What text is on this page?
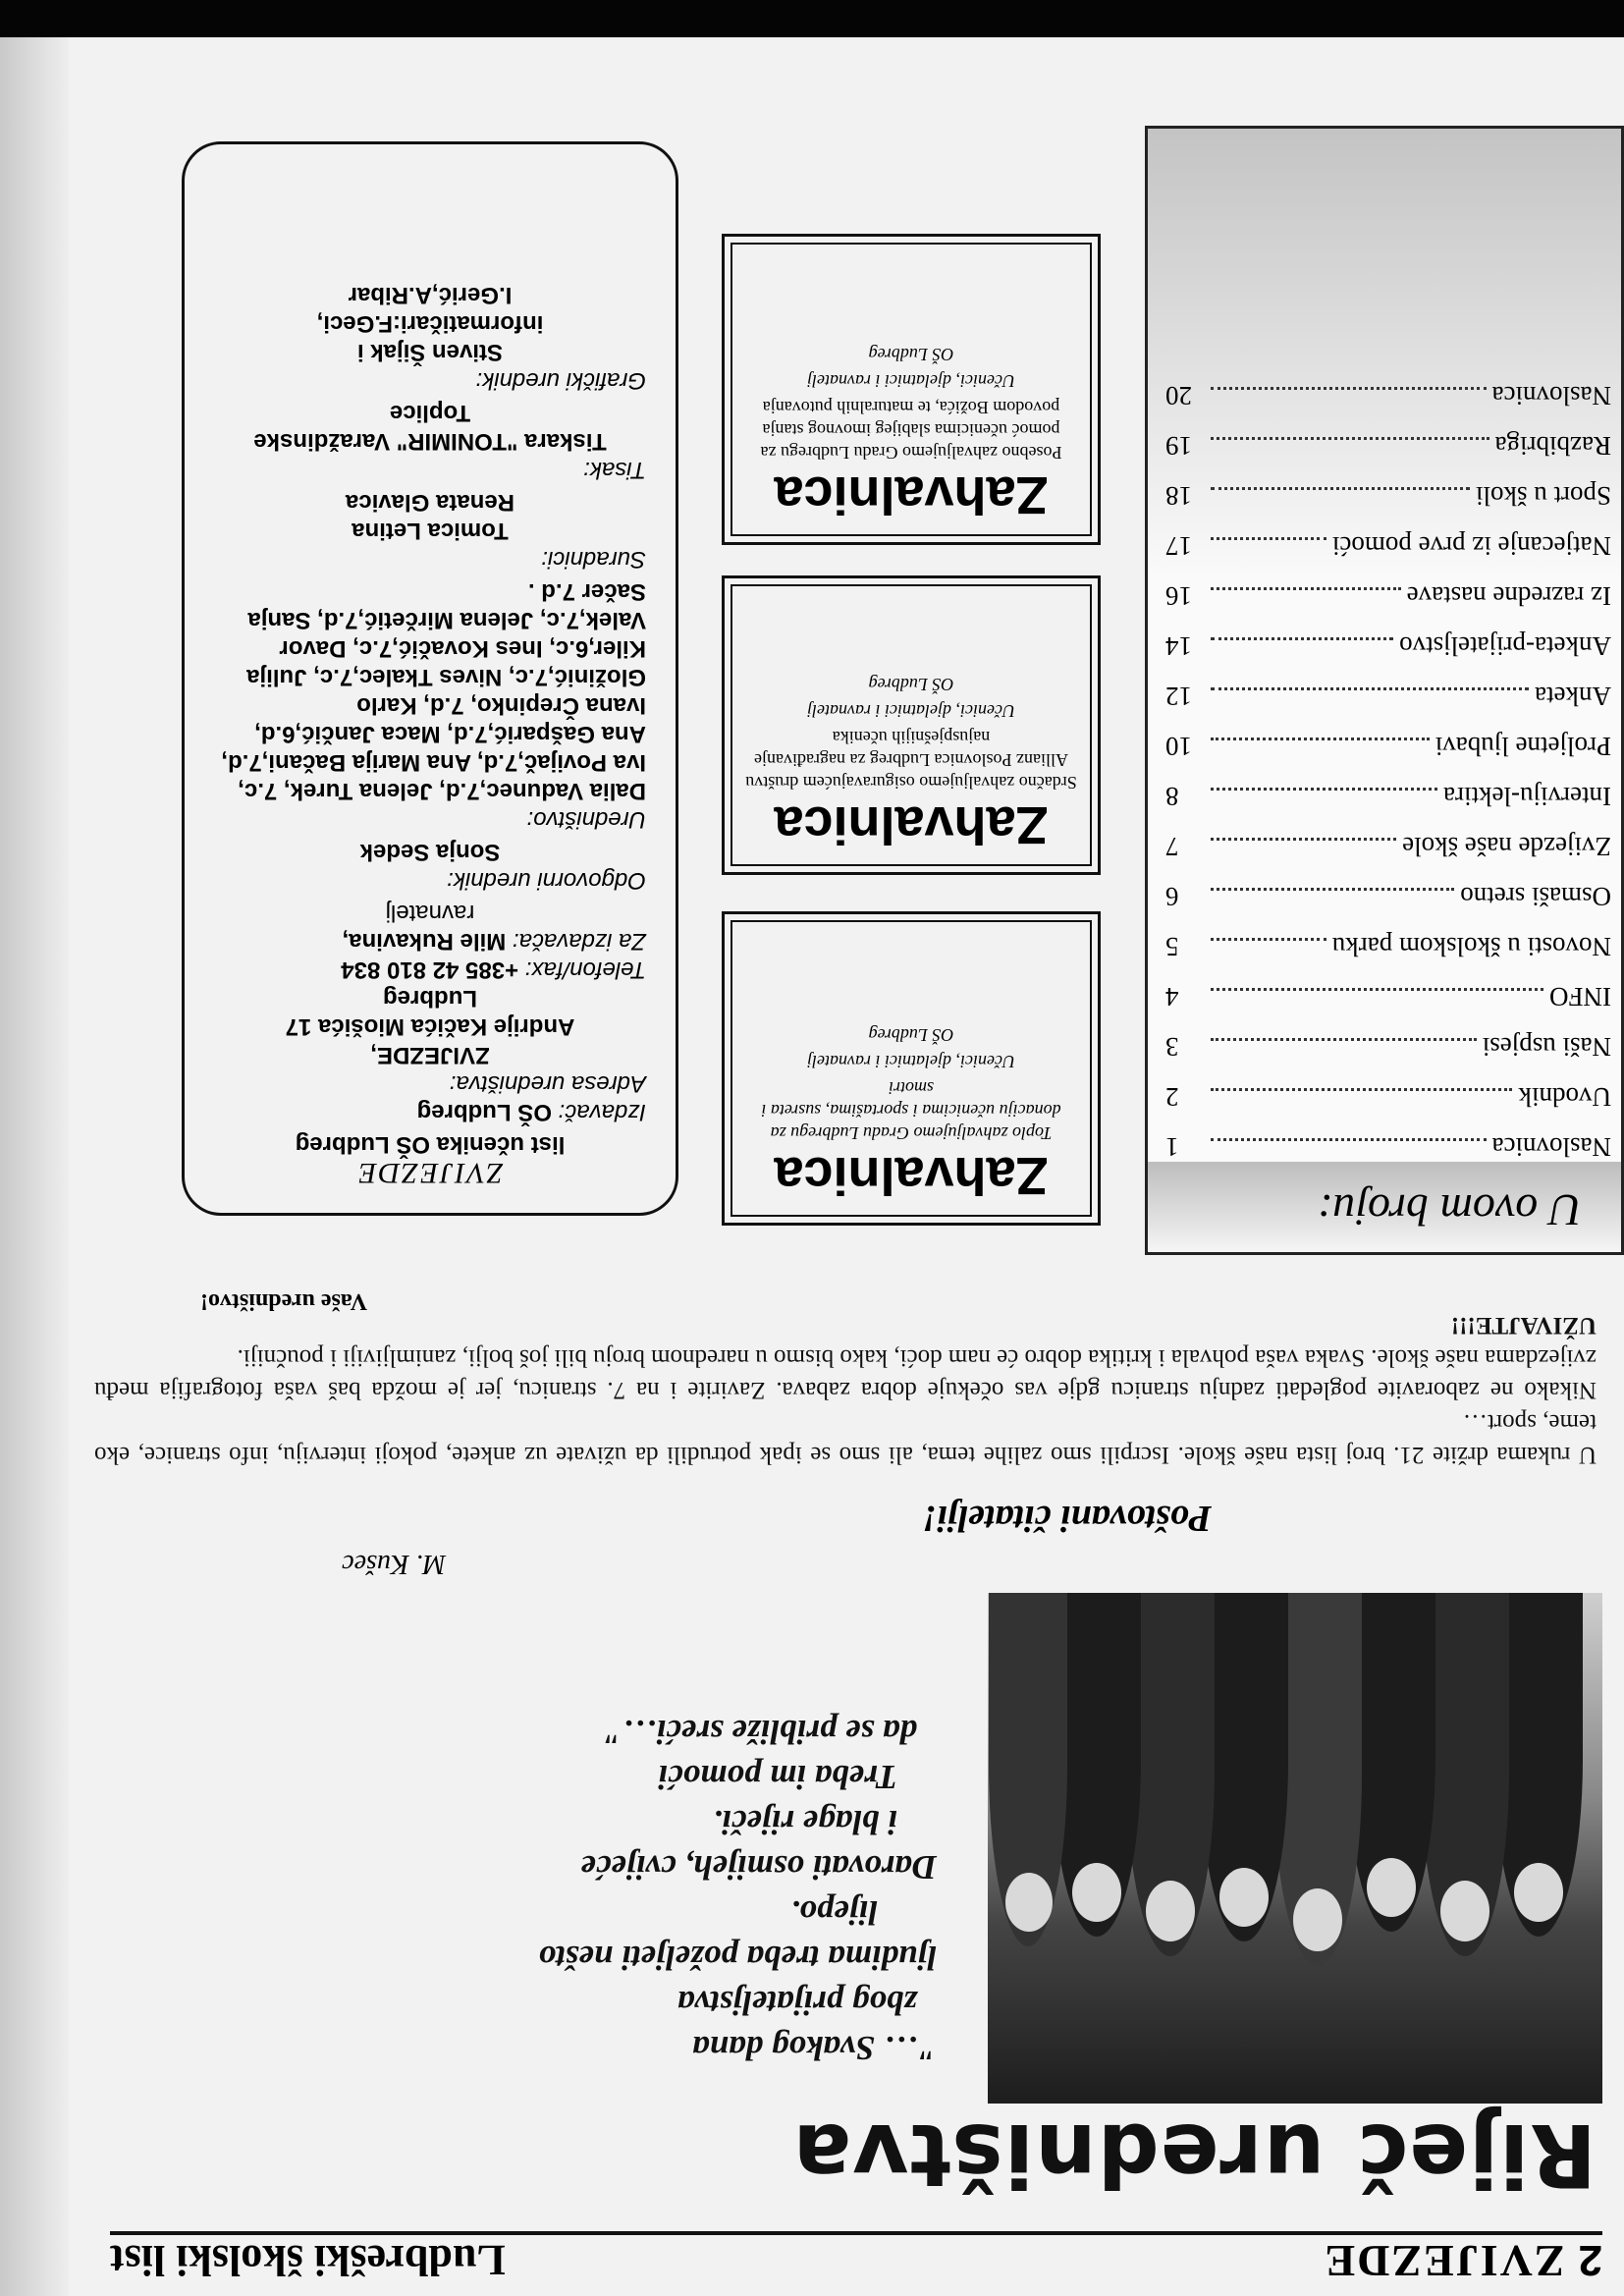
2
ZVIJEZDE
Ludbreški školski list
Riječ uredništva
"… Svakog dana
zbog prijateljstva
ljudima treba poželjeti nešto
lijepo.
Darovati osmijeh, cvijeće
i blage riječi.
Treba im pomoći
da se približe sreći…"
M. Kušec
Poštovani čitatelji!

U rukama držite 21. broj lista naše škole. Iscrpili smo zalihe tema, ali smo se ipak potrudili da uživate uz ankete, pokoji interviju, info stranice, eko teme, sport…

Nikako ne zaboravite pogledati zadnju stranicu gdje vas očekuje dobra zabava. Zavirite i na 7. stranicu, jer je možda baš vaša fotografija među zvijezdama naše škole. Svaka vaša pohvala i kritika dobro će nam doći, kako bismo u narednom broju bili još bolji, zanimljiviji i poučniji.

UŽIVAJTE!!!

Vaše uredništvo!
U ovom broju:
Naslovnica
1
Uvodnik
2
Naši uspjesi
3
INFO
4
Novosti u školskom parku
5
Osmaši sretno
6
Zvijezde naše škole
7
Interviju-lektira
8
Proljetne ljubavi
10
Anketa
12
Anketa-prijateljstvo
14
Iz razredne nastave
16
Natjecanje iz prve pomoći
17
Sport u školi
18
Razbibriga
19
Naslovnica
20
Zahvalnica
Toplo zahvaljujemo Gradu Ludbregu za donaciju učenicima i sportašima, susreta i smotri
Učenici, djelatnici i ravnatelj
OŠ Ludbreg
Zahvalnica
Srdačno zahvaljujemo osiguravajućem društvu Allianz Poslovnica Ludbreg za nagrađivanje najuspješnijih učenika
Učenici, djelatnici i ravnatelj
OŠ Ludbreg
Zahvalnica
Posebno zahvaljujemo Gradu Ludbregu za pomoć učenicima slabijeg imovnog stanja povodom Božića, te maturalnih putovanja
Učenici, djelatnici i ravnatelj
OŠ Ludbreg
ZVIJEZDE
list učenika OŠ Ludbreg
Izdavač: OŠ Ludbreg
Adresa uredništva:
ZVIJEZDE,
Andrije Kačića Miošića 17
Ludbreg
Telefon/fax: +385 42 810 834
Za izdavača: Mile Rukavina,
ravnatelj
Odgovorni urednik:
Sonja Sedek
Uredništvo:
Dalia Vadunec,7.d, Jelena Turek, 7.c, Iva Povijač,7.d, Ana Marija Bačani,7.d, Ana Gašparić,7.d, Maca Jančić,6.d, Ivana Črepinko, 7.d, Karlo Gložinić,7.c, Nives Tkalec,7.c, Julija Kiler,6.c, Ines Kovačić,7.c, Davor Valek,7.c, Jelena Mirčetić,7.d, Sanja Sačer 7.d .
Suradnici:
Tomica Letina
Renata Glavica
Tisak:
Tiskara "TONIMIR" Varaždinske Toplice
Grafički urednik:
Stiven Šijak i
informatičari:F.Geci,
I.Gerić,A.Ribar
